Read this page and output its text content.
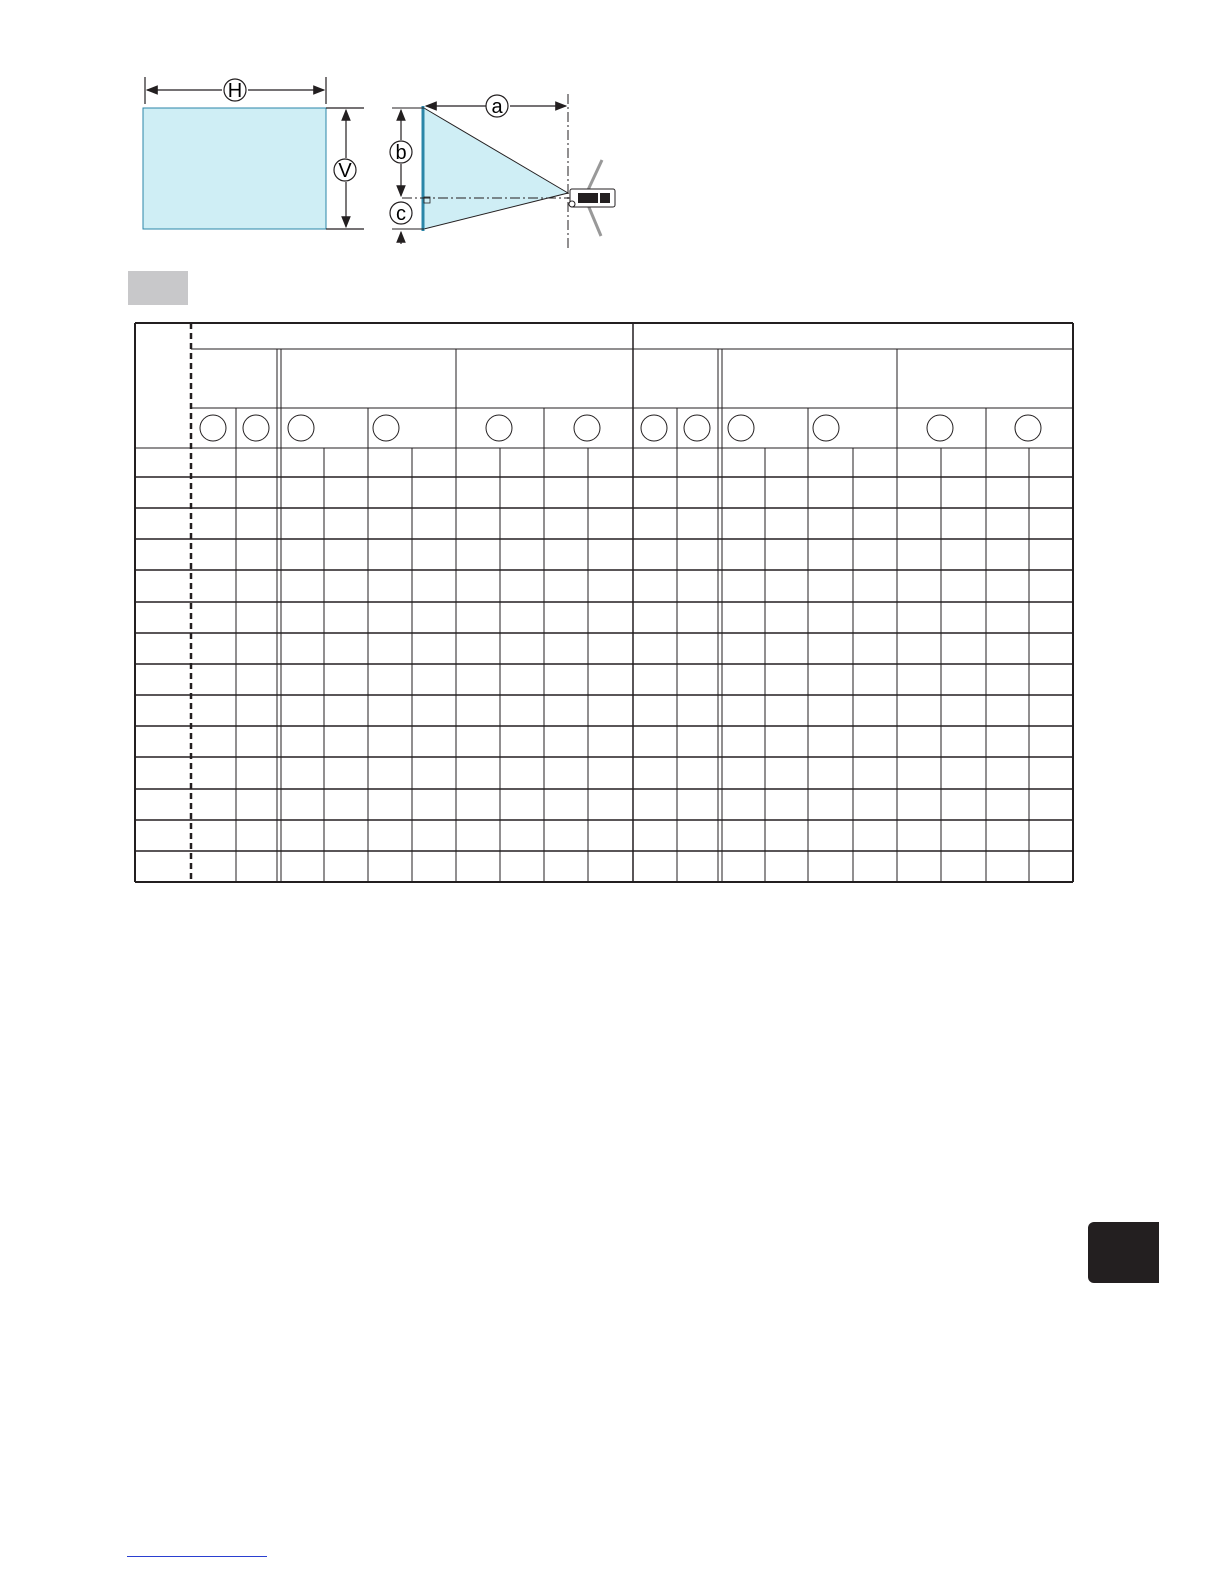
H
V
a
b
c
